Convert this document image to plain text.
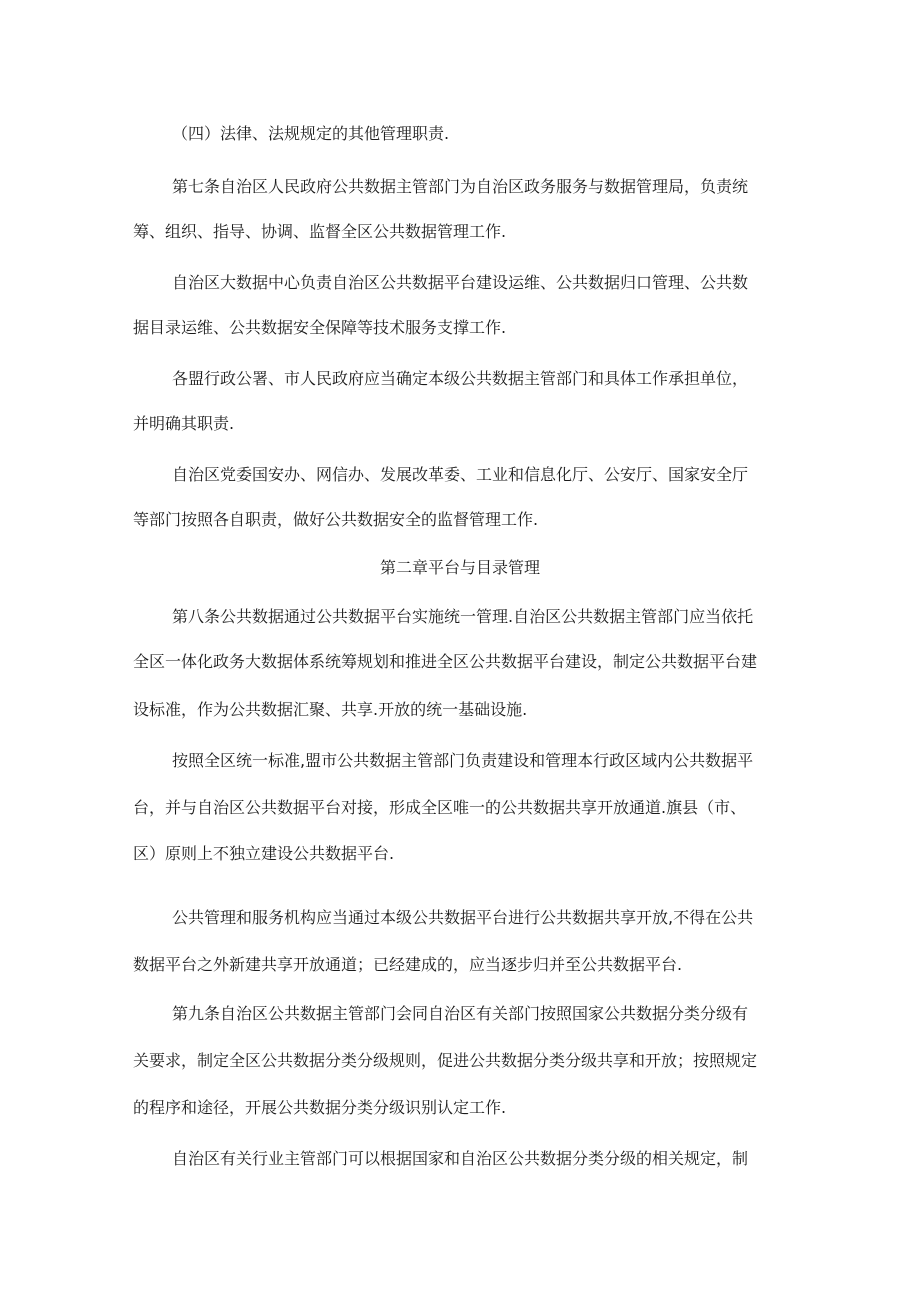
（四）法律、法规规定的其他管理职责.
第七条自治区人民政府公共数据主管部门为自治区政务服务与数据管理局，负责统
筹、组织、指导、协调、监督全区公共数据管理工作.
自治区大数据中心负责自治区公共数据平台建设运维、公共数据归口管理、公共数
据目录运维、公共数据安全保障等技术服务支撑工作.
各盟行政公署、市人民政府应当确定本级公共数据主管部门和具体工作承担单位，
并明确其职责.
自治区党委国安办、网信办、发展改革委、工业和信息化厅、公安厅、国家安全厅
等部门按照各自职责，做好公共数据安全的监督管理工作.
第二章平台与目录管理
第八条公共数据通过公共数据平台实施统一管理.自治区公共数据主管部门应当依托
全区一体化政务大数据体系统筹规划和推进全区公共数据平台建设，制定公共数据平台建
设标准，作为公共数据汇聚、共享.开放的统一基础设施.
按照全区统一标准,盟市公共数据主管部门负责建设和管理本行政区域内公共数据平
台，并与自治区公共数据平台对接，形成全区唯一的公共数据共享开放通道.旗县（市、
区）原则上不独立建设公共数据平台.
公共管理和服务机构应当通过本级公共数据平台进行公共数据共享开放,不得在公共
数据平台之外新建共享开放通道；已经建成的，应当逐步归并至公共数据平台.
第九条自治区公共数据主管部门会同自治区有关部门按照国家公共数据分类分级有
关要求，制定全区公共数据分类分级规则，促进公共数据分类分级共享和开放；按照规定
的程序和途径，开展公共数据分类分级识别认定工作.
自治区有关行业主管部门可以根据国家和自治区公共数据分类分级的相关规定，制
